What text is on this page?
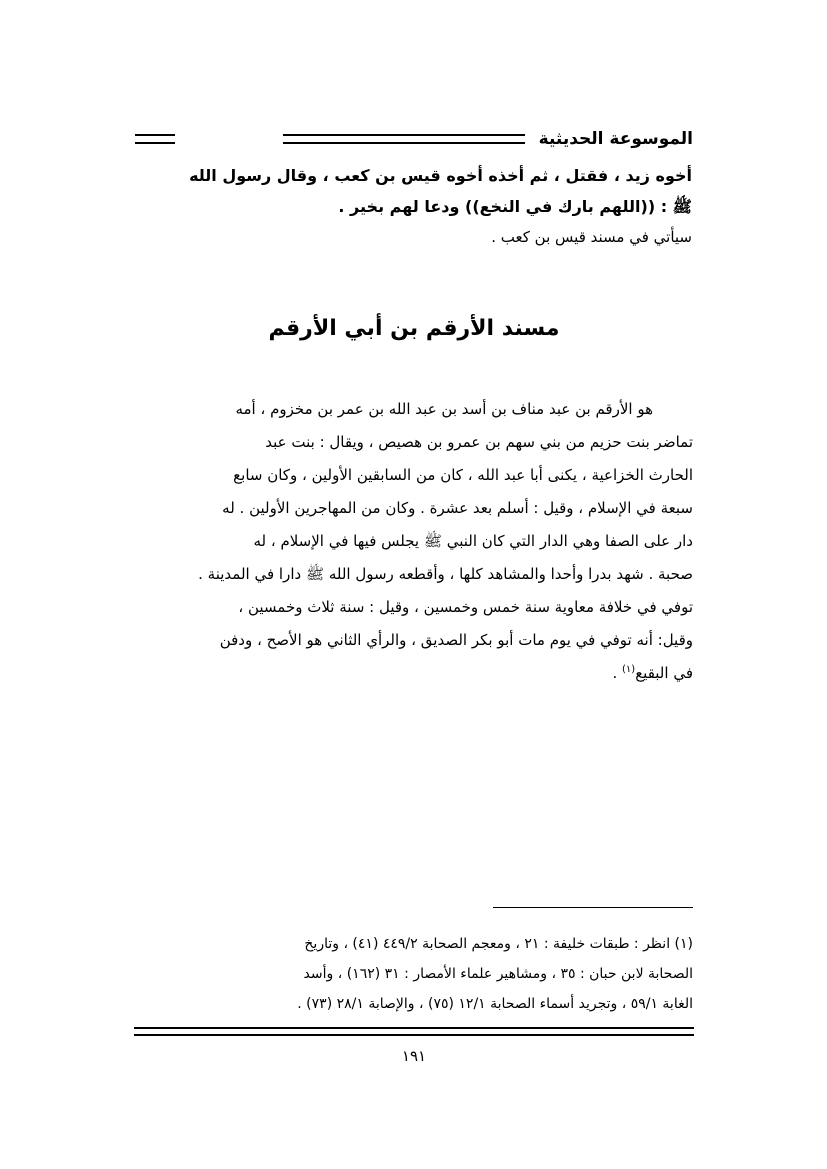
الموسوعة الحديثية
أخوه زيد ، فقتل ، ثم أخذه أخوه قيس بن كعب ، وقال رسول الله
ﷺ : ((اللهم بارك في النخع)) ودعا لهم بخير .
سيأتي في مسند قيس بن كعب .
مسند الأرقم بن أبي الأرقم
هو الأرقم بن عبد مناف بن أسد بن عبد الله بن عمر بن مخزوم ، أمه
تماضر بنت حزيم من بني سهم بن عمرو بن هصيص ، ويقال : بنت عبد
الحارث الخزاعية ، يكنى أبا عبد الله ، كان من السابقين الأولين ، وكان سابع
سبعة في الإسلام ، وقيل : أسلم بعد عشرة . وكان من المهاجرين الأولين . له
دار على الصفا وهي الدار التي كان النبي ﷺ يجلس فيها في الإسلام ، له
صحبة . شهد بدرا وأحدا والمشاهد كلها ، وأقطعه رسول الله ﷺ دارا في المدينة .
توفي في خلافة معاوية سنة خمس وخمسين ، وقيل : سنة ثلاث وخمسين ،
وقيل: أنه توفي في يوم مات أبو بكر الصديق ، والرأي الثاني هو الأصح ، ودفن
في البقيع$^{(١)}$ .
(١) انظر : طبقات خليفة : ٢١ ، ومعجم الصحابة ٤٤٩/٢ (٤١) ، وتاريخ
الصحابة لابن حبان : ٣٥ ، ومشاهير علماء الأمصار : ٣١ (١٦٢) ، وأسد
الغابة ٥٩/١ ، وتجريد أسماء الصحابة ١٢/١ (٧٥) ، والإصابة ٢٨/١ (٧٣) .
١٩١
